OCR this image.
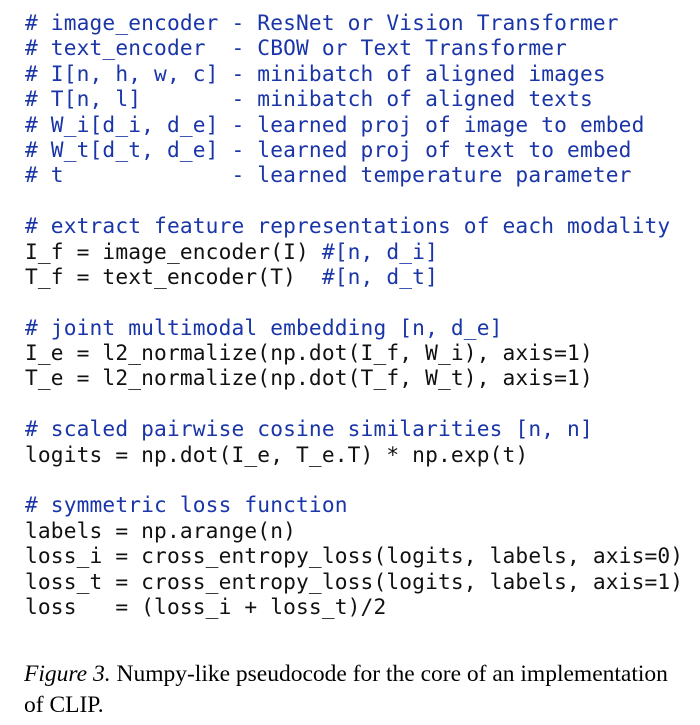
# image_encoder - ResNet or Vision Transformer
# text_encoder  - CBOW or Text Transformer
# I[n, h, w, c] - minibatch of aligned images
# T[n, l]       - minibatch of aligned texts
# W_i[d_i, d_e] - learned proj of image to embed
# W_t[d_t, d_e] - learned proj of text to embed
# t             - learned temperature parameter
# extract feature representations of each modality
I_f = image_encoder(I) #[n, d_i]
T_f = text_encoder(T)  #[n, d_t]
# joint multimodal embedding [n, d_e]
I_e = l2_normalize(np.dot(I_f, W_i), axis=1)
T_e = l2_normalize(np.dot(T_f, W_t), axis=1)
# scaled pairwise cosine similarities [n, n]
logits = np.dot(I_e, T_e.T) * np.exp(t)
# symmetric loss function
labels = np.arange(n)
loss_i = cross_entropy_loss(logits, labels, axis=0)
loss_t = cross_entropy_loss(logits, labels, axis=1)
loss   = (loss_i + loss_t)/2
Figure 3. Numpy-like pseudocode for the core of an implementation of CLIP.
